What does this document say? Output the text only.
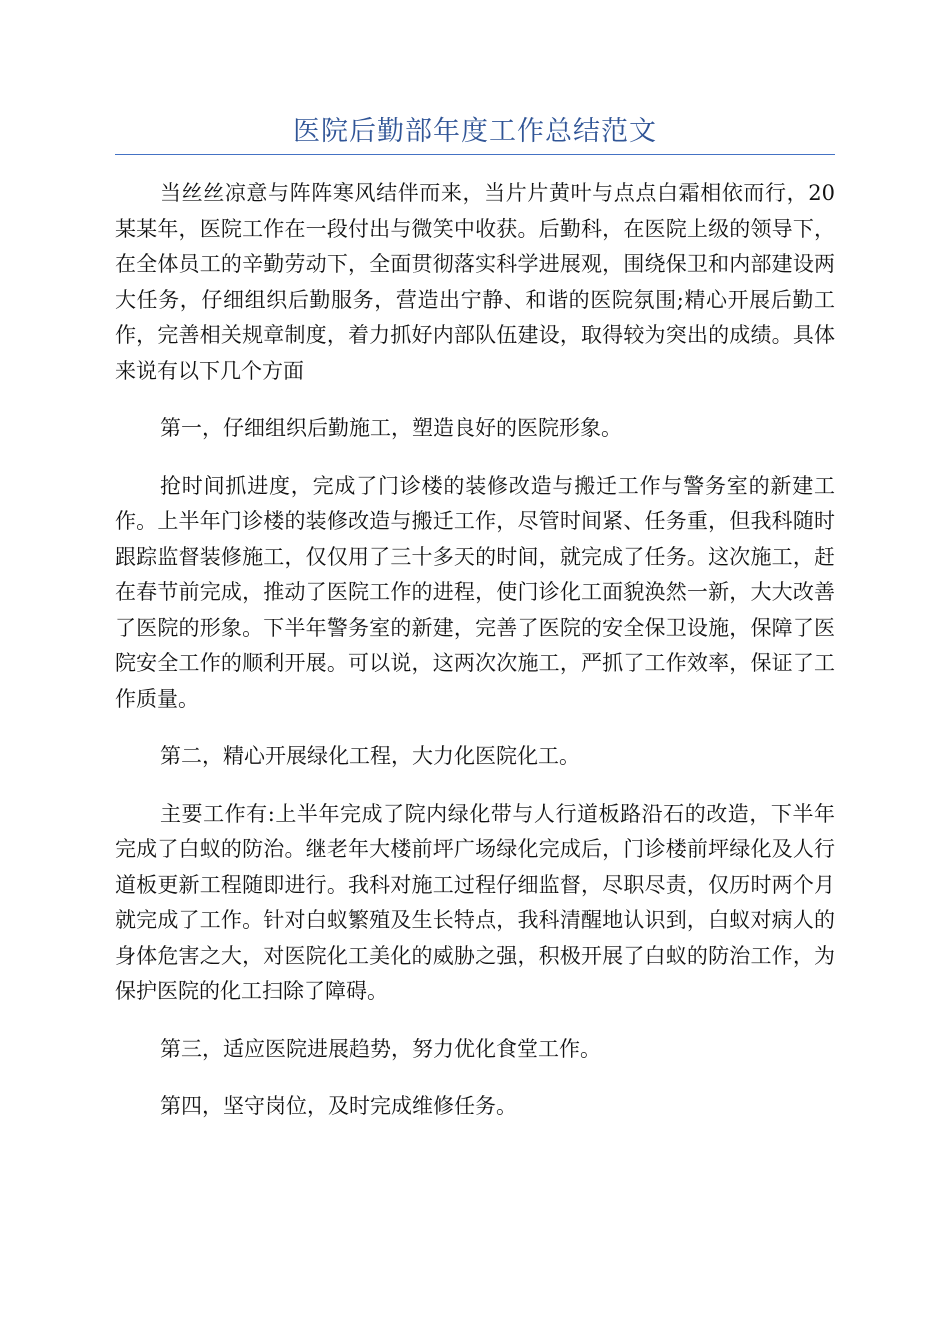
医院后勤部年度工作总结范文

当丝丝凉意与阵阵寒风结伴而来，当片片黄叶与点点白霜相依而行，20某某年，医院工作在一段付出与微笑中收获。后勤科，在医院上级的领导下，在全体员工的辛勤劳动下，全面贯彻落实科学进展观，围绕保卫和内部建设两大任务，仔细组织后勤服务，营造出宁静、和谐的医院氛围;精心开展后勤工作，完善相关规章制度，着力抓好内部队伍建设，取得较为突出的成绩。具体来说有以下几个方面

第一，仔细组织后勤施工，塑造良好的医院形象。

抢时间抓进度，完成了门诊楼的装修改造与搬迁工作与警务室的新建工作。上半年门诊楼的装修改造与搬迁工作，尽管时间紧、任务重，但我科随时跟踪监督装修施工，仅仅用了三十多天的时间，就完成了任务。这次施工，赶在春节前完成，推动了医院工作的进程，使门诊化工面貌涣然一新，大大改善了医院的形象。下半年警务室的新建，完善了医院的安全保卫设施，保障了医院安全工作的顺利开展。可以说，这两次次施工，严抓了工作效率，保证了工作质量。

第二，精心开展绿化工程，大力化医院化工。

主要工作有:上半年完成了院内绿化带与人行道板路沿石的改造，下半年完成了白蚁的防治。继老年大楼前坪广场绿化完成后，门诊楼前坪绿化及人行道板更新工程随即进行。我科对施工过程仔细监督，尽职尽责，仅历时两个月就完成了工作。针对白蚁繁殖及生长特点，我科清醒地认识到，白蚁对病人的身体危害之大，对医院化工美化的威胁之强，积极开展了白蚁的防治工作，为保护医院的化工扫除了障碍。

第三，适应医院进展趋势，努力优化食堂工作。

第四，坚守岗位，及时完成维修任务。
